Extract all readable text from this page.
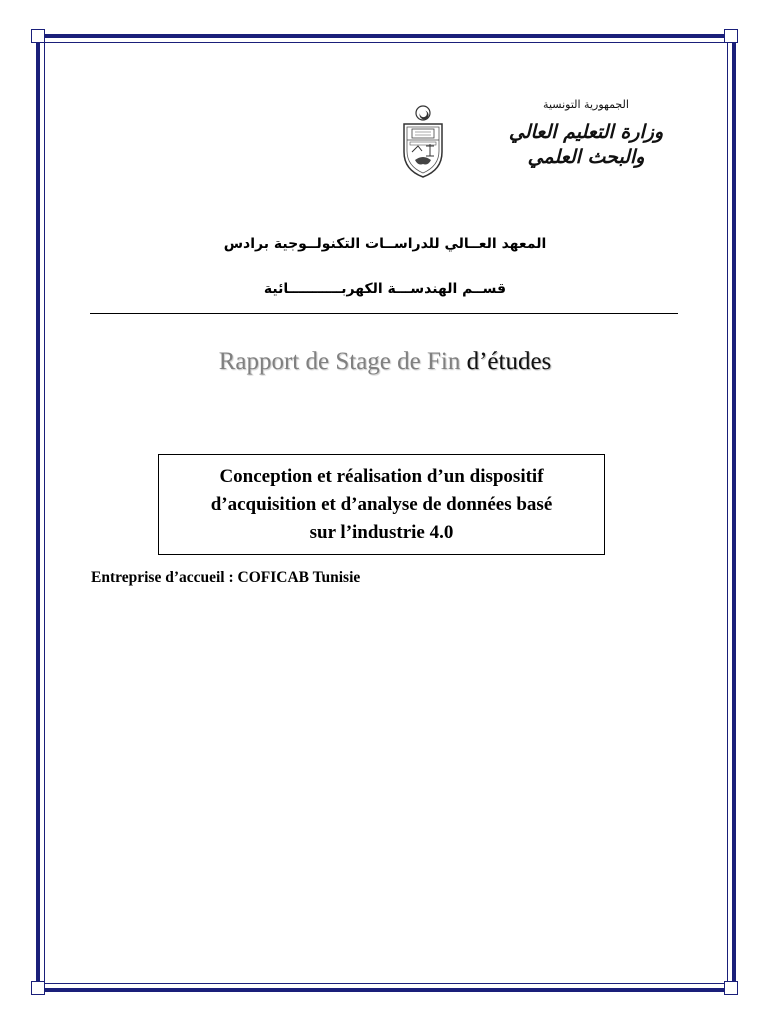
الجمهورية التونسية
وزارة التعليم العالي
والبحث العلمي
المعهد العــالي للدراســات التكنولــوجية برادس
قســم الهندســـة الكهربـــــــــــائية
Rapport de Stage de Fin d’études
Conception et réalisation d’un dispositif
d’acquisition et d’analyse de données basé
sur l’industrie 4.0
Entreprise d’accueil : COFICAB Tunisie
